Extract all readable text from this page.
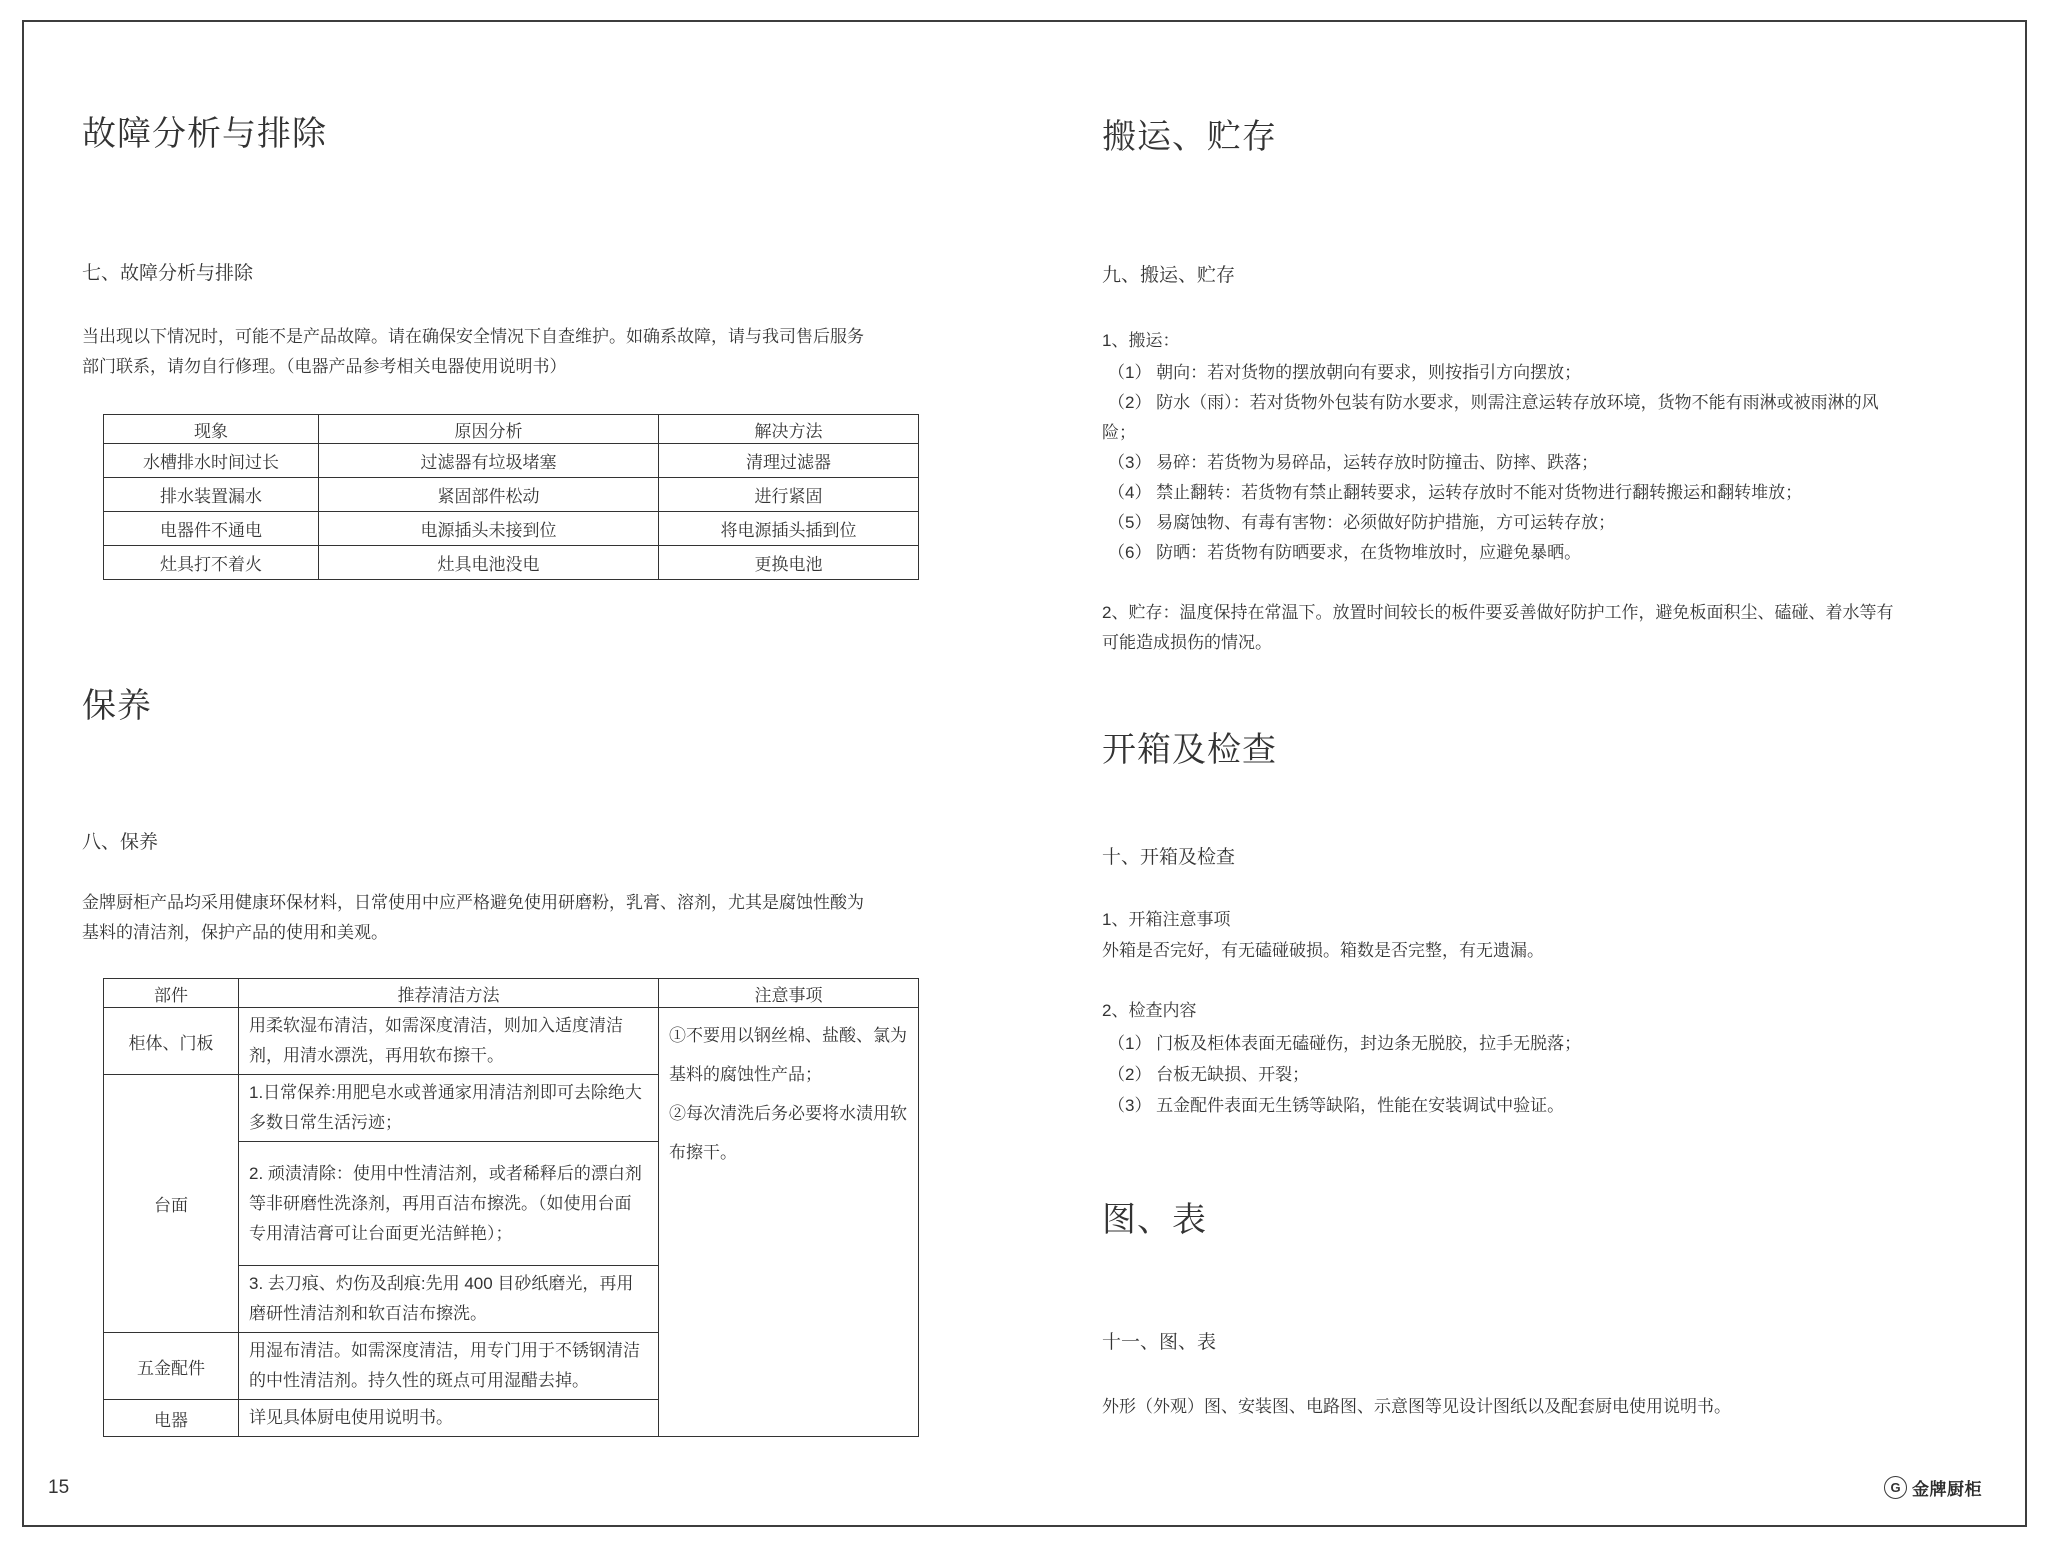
故障分析与排除
七、故障分析与排除

当出现以下情况时，可能不是产品故障。请在确保安全情况下自查维护。如确系故障，请与我司售后服务部门联系，请勿自行修理。（电器产品参考相关电器使用说明书）

现象	原因分析	解决方法
水槽排水时间过长	过滤器有垃圾堵塞	清理过滤器
排水装置漏水	紧固部件松动	进行紧固
电器件不通电	电源插头未接到位	将电源插头插到位
灶具打不着火	灶具电池没电	更换电池
保养
八、保养

金牌厨柜产品均采用健康环保材料，日常使用中应严格避免使用研磨粉，乳膏、溶剂，尤其是腐蚀性酸为基料的清洁剂，保护产品的使用和美观。

部件	推荐清洁方法	注意事项
柜体、门板	用柔软湿布清洁，如需深度清洁，则加入适度清洁剂，用清水漂洗，再用软布擦干。	①不要用以钢丝棉、盐酸、氯为基料的腐蚀性产品；
②每次清洗后务必要将水渍用软布擦干。

台面	1.日常保养:用肥皂水或普通家用清洁剂即可去除绝大多数日常生活污迹；	
	2. 顽渍清除：使用中性清洁剂，或者稀释后的漂白剂等非研磨性洗涤剂，再用百洁布擦洗。（如使用台面专用清洁膏可让台面更光洁鲜艳）；	
	3. 去刀痕、灼伤及刮痕:先用 400 目砂纸磨光，再用磨研性清洁剂和软百洁布擦洗。	
五金配件	用湿布清洁。如需深度清洁，用专门用于不锈钢清洁的中性清洁剂。持久性的斑点可用湿醋去掉。	
电器	详见具体厨电使用说明书。	
搬运、贮存
九、搬运、贮存

1、搬运：

（1） 朝向：若对货物的摆放朝向有要求，则按指引方向摆放；

（2） 防水（雨）：若对货物外包装有防水要求，则需注意运转存放环境，货物不能有雨淋或被雨淋的风险；

（3） 易碎：若货物为易碎品，运转存放时防撞击、防摔、跌落；

（4） 禁止翻转：若货物有禁止翻转要求，运转存放时不能对货物进行翻转搬运和翻转堆放；

（5） 易腐蚀物、有毒有害物：必须做好防护措施，方可运转存放；

（6） 防晒：若货物有防晒要求，在货物堆放时，应避免暴晒。

2、贮存：温度保持在常温下。放置时间较长的板件要妥善做好防护工作，避免板面积尘、磕碰、着水等有可能造成损伤的情况。

开箱及检查
十、开箱及检查

1、开箱注意事项

外箱是否完好，有无磕碰破损。箱数是否完整，有无遗漏。

2、检查内容

（1） 门板及柜体表面无磕碰伤，封边条无脱胶，拉手无脱落；

（2） 台板无缺损、开裂；

（3） 五金配件表面无生锈等缺陷，性能在安装调试中验证。

图、表
十一、图、表

外形（外观）图、安装图、电路图、示意图等见设计图纸以及配套厨电使用说明书。

15	G 金牌厨柜
